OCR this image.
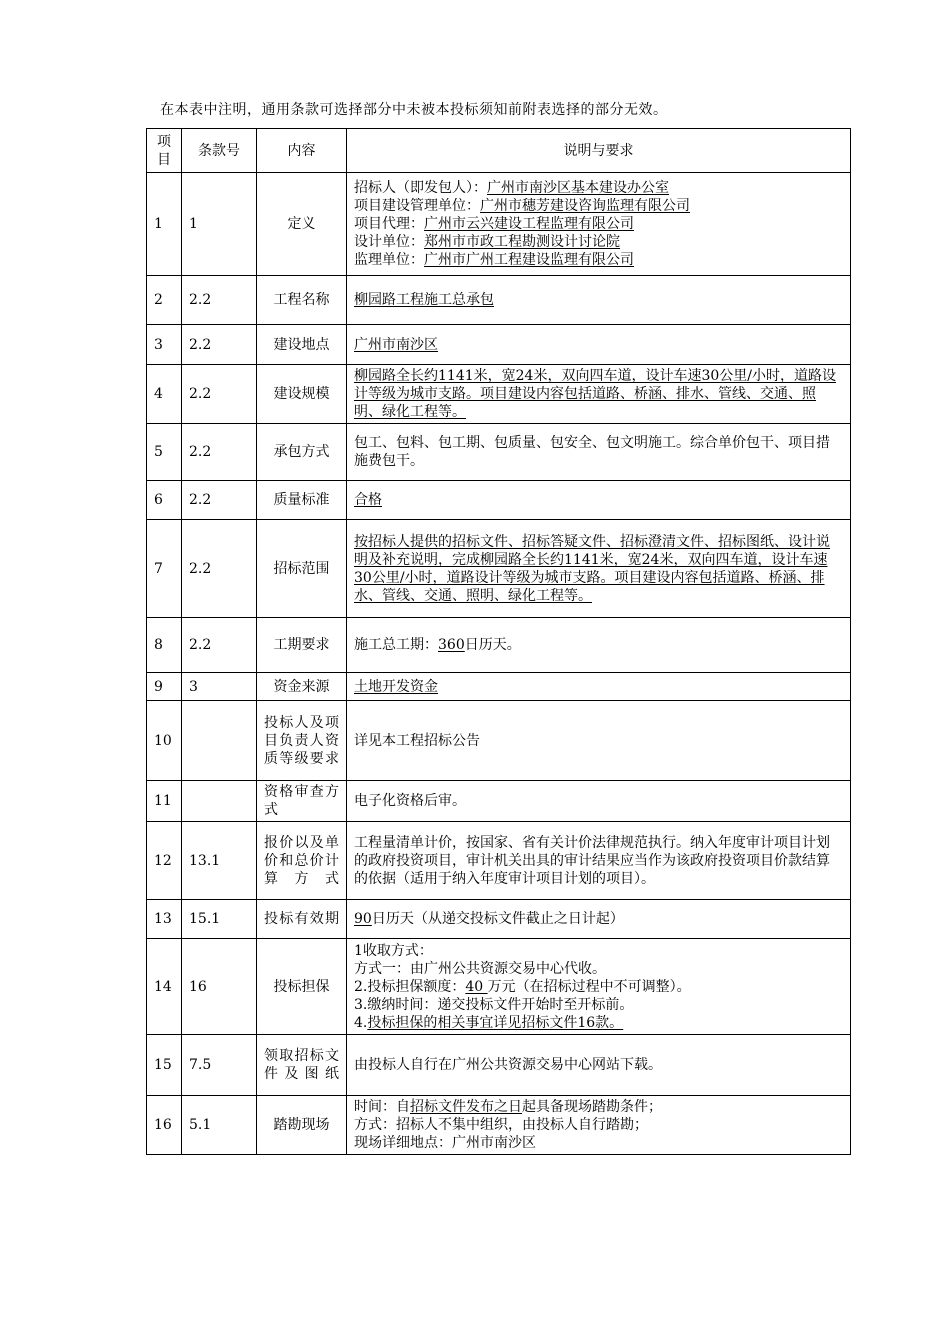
在本表中注明，通用条款可选择部分中未被本投标须知前附表选择的部分无效。
项目	条款号	内容	说明与要求
1	1	定义	招标人（即发包人）：广州市南沙区基本建设办公室
项目建设管理单位：广州市穗芳建设咨询监理有限公司
项目代理：广州市云兴建设工程监理有限公司
设计单位：郑州市市政工程勘测设计讨论院
监理单位：广州市广州工程建设监理有限公司

2	2.2	工程名称	柳园路工程施工总承包
3	2.2	建设地点	广州市南沙区
4	2.2	建设规模	柳园路全长约1141米，宽24米，双向四车道，设计车速30公里/小时，道路设计等级为城市支路。项目建设内容包括道路、桥涵、排水、管线、交通、照明、绿化工程等。
5	2.2	承包方式	包工、包料、包工期、包质量、包安全、包文明施工。综合单价包干、项目措施费包干。
6	2.2	质量标准	合格
7	2.2	招标范围	按招标人提供的招标文件、招标答疑文件、招标澄清文件、招标图纸、设计说明及补充说明，完成柳园路全长约1141米，宽24米，双向四车道，设计车速30公里/小时，道路设计等级为城市支路。项目建设内容包括道路、桥涵、排水、管线、交通、照明、绿化工程等。
8	2.2	工期要求	施工总工期：360日历天。
9	3	资金来源	土地开发资金
10		投标人及项目负责人资质等级要求	详见本工程招标公告
11		资格审查方式	电子化资格后审。
12	13.1	报价以及单价和总价计算方式	工程量清单计价，按国家、省有关计价法律规范执行。纳入年度审计项目计划的政府投资项目，审计机关出具的审计结果应当作为该政府投资项目价款结算的依据（适用于纳入年度审计项目计划的项目）。
13	15.1	投标有效期	90日历天（从递交投标文件截止之日计起）
14	16	投标担保	1收取方式：
方式一：由广州公共资源交易中心代收。
2.投标担保额度：40 万元（在招标过程中不可调整）。
3.缴纳时间：递交投标文件开始时至开标前。
4.投标担保的相关事宜详见招标文件16款。

15	7.5	领取招标文件及图纸	由投标人自行在广州公共资源交易中心网站下载。
16	5.1	踏勘现场	时间：自招标文件发布之日起具备现场踏勘条件；
方式：招标人不集中组织，由投标人自行踏勘；
现场详细地点：广州市南沙区
